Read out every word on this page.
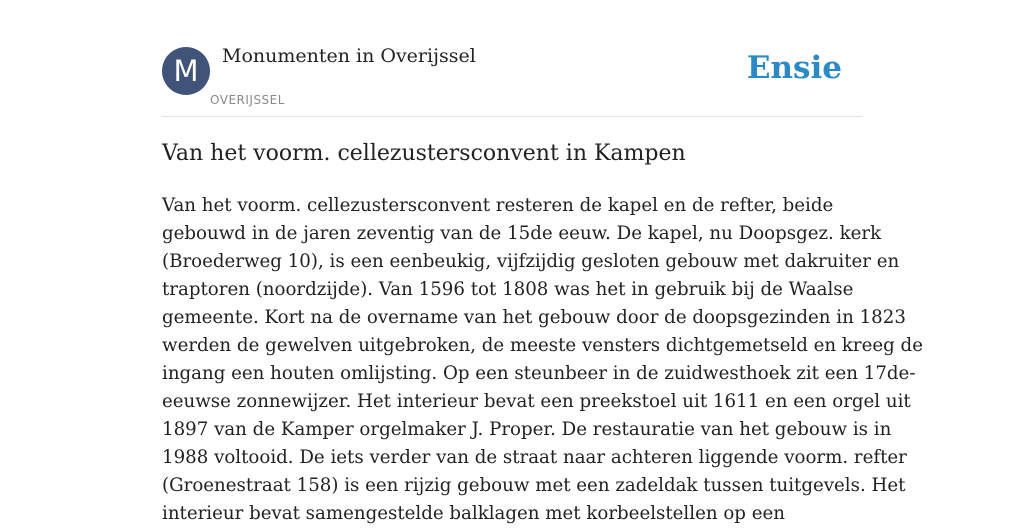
M	Monumenten in Overijssel
OVERIJSSEL
Ensie
Van het voorm. cellezustersconvent in Kampen
Van het voorm. cellezustersconvent resteren de kapel en de refter, beide
gebouwd in de jaren zeventig van de 15de eeuw. De kapel, nu Doopsgez. kerk
(Broederweg 10), is een eenbeukig, vijfzijdig gesloten gebouw met dakruiter en
traptoren (noordzijde). Van 1596 tot 1808 was het in gebruik bij de Waalse
gemeente. Kort na de overname van het gebouw door de doopsgezinden in 1823
werden de gewelven uitgebroken, de meeste vensters dichtgemetseld en kreeg de
ingang een houten omlijsting. Op een steunbeer in de zuidwesthoek zit een 17de-
eeuwse zonnewijzer. Het interieur bevat een preekstoel uit 1611 en een orgel uit
1897 van de Kamper orgelmaker J. Proper. De restauratie van het gebouw is in
1988 voltooid. De iets verder van de straat naar achteren liggende voorm. refter
(Groenestraat 158) is een rijzig gebouw met een zadeldak tussen tuitgevels. Het
interieur bevat samengestelde balklagen met korbeelstellen op een
